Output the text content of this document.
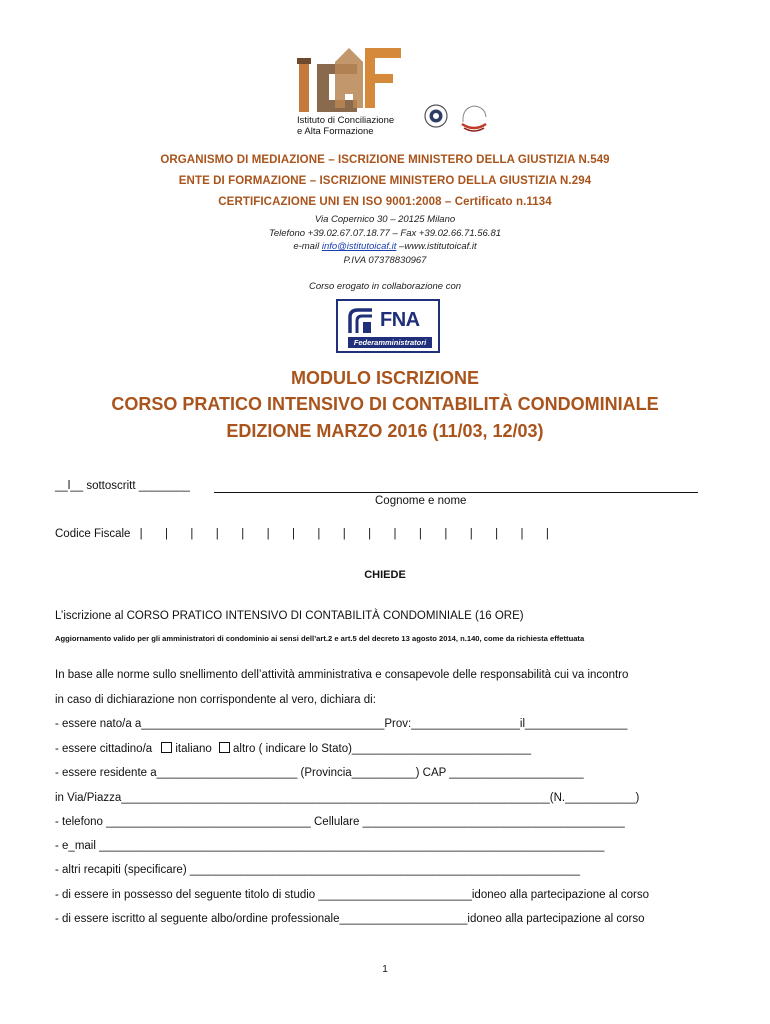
Istituto di Conciliazione
e Alta Formazione
ORGANISMO DI MEDIAZIONE – ISCRIZIONE MINISTERO DELLA GIUSTIZIA N.549
ENTE DI FORMAZIONE – ISCRIZIONE MINISTERO DELLA GIUSTIZIA N.294
CERTIFICAZIONE UNI EN ISO 9001:2008 – Certificato n.1134
Via Copernico 30 – 20125 Milano
Telefono +39.02.67.07.18.77 – Fax +39.02.66.71.56.81
e-mail info@istitutoicaf.it –www.istitutoicaf.it
P.IVA 07378830967
Corso erogato in collaborazione con
FNA
Federamministratori
MODULO ISCRIZIONE
CORSO PRATICO INTENSIVO DI CONTABILITÀ CONDOMINIALE
EDIZIONE MARZO 2016 (11/03, 12/03)
__l__ sottoscritt ________
Cognome e nome
Codice Fiscale | | | | | | | | | | | | | | | | |
CHIEDE
L’iscrizione al CORSO PRATICO INTENSIVO DI CONTABILITÀ CONDOMINIALE (16 ORE)
Aggiornamento valido per gli amministratori di condominio ai sensi dell’art.2 e art.5 del decreto 13 agosto 2014, n.140, come da richiesta effettuata
In base alle norme sullo snellimento dell’attività amministrativa e consapevole delle responsabilità cui va incontro
in caso di dichiarazione non corrispondente al vero, dichiara di:
- essere nato/a a______________________________________Prov:_________________il________________
- essere cittadino/a italiano altro ( indicare lo Stato)____________________________
- essere residente a______________________ (Provincia__________) CAP _____________________
in Via/Piazza___________________________________________________________________(N.___________)
- telefono ________________________________ Cellulare _________________________________________
- e_mail _______________________________________________________________________________
- altri recapiti (specificare) _____________________________________________________________
- di essere in possesso del seguente titolo di studio ________________________idoneo alla partecipazione al corso
- di essere iscritto al seguente albo/ordine professionale____________________idoneo alla partecipazione al corso
1
